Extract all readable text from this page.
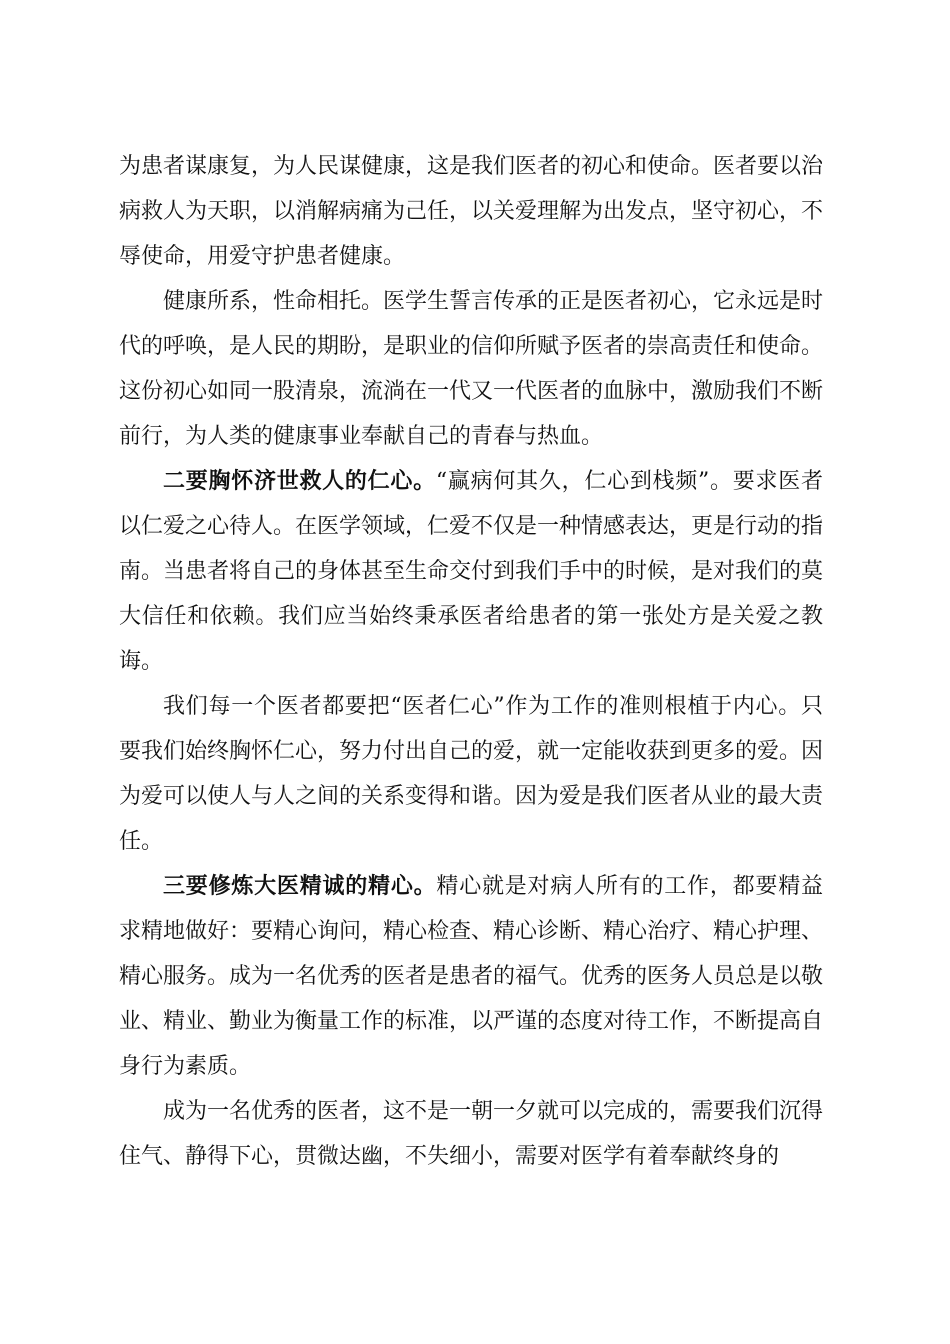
为患者谋康复，为人民谋健康，这是我们医者的初心和使命。医者要以治病救人为天职，以消解病痛为己任，以关爱理解为出发点，坚守初心，不辱使命，用爱守护患者健康。

健康所系，性命相托。医学生誓言传承的正是医者初心，它永远是时代的呼唤，是人民的期盼，是职业的信仰所赋予医者的崇高责任和使命。这份初心如同一股清泉，流淌在一代又一代医者的血脉中，激励我们不断前行，为人类的健康事业奉献自己的青春与热血。

二要胸怀济世救人的仁心。“赢病何其久，仁心到栈频”。要求医者以仁爱之心待人。在医学领域，仁爱不仅是一种情感表达，更是行动的指南。当患者将自己的身体甚至生命交付到我们手中的时候，是对我们的莫大信任和依赖。我们应当始终秉承医者给患者的第一张处方是关爱之教诲。

我们每一个医者都要把“医者仁心”作为工作的准则根植于内心。只要我们始终胸怀仁心，努力付出自己的爱，就一定能收获到更多的爱。因为爱可以使人与人之间的关系变得和谐。因为爱是我们医者从业的最大责任。

三要修炼大医精诚的精心。精心就是对病人所有的工作，都要精益求精地做好：要精心询问，精心检查、精心诊断、精心治疗、精心护理、精心服务。成为一名优秀的医者是患者的福气。优秀的医务人员总是以敬业、精业、勤业为衡量工作的标准，以严谨的态度对待工作，不断提高自身行为素质。

成为一名优秀的医者，这不是一朝一夕就可以完成的，需要我们沉得住气、静得下心，贯微达幽，不失细小，需要对医学有着奉献终身的
